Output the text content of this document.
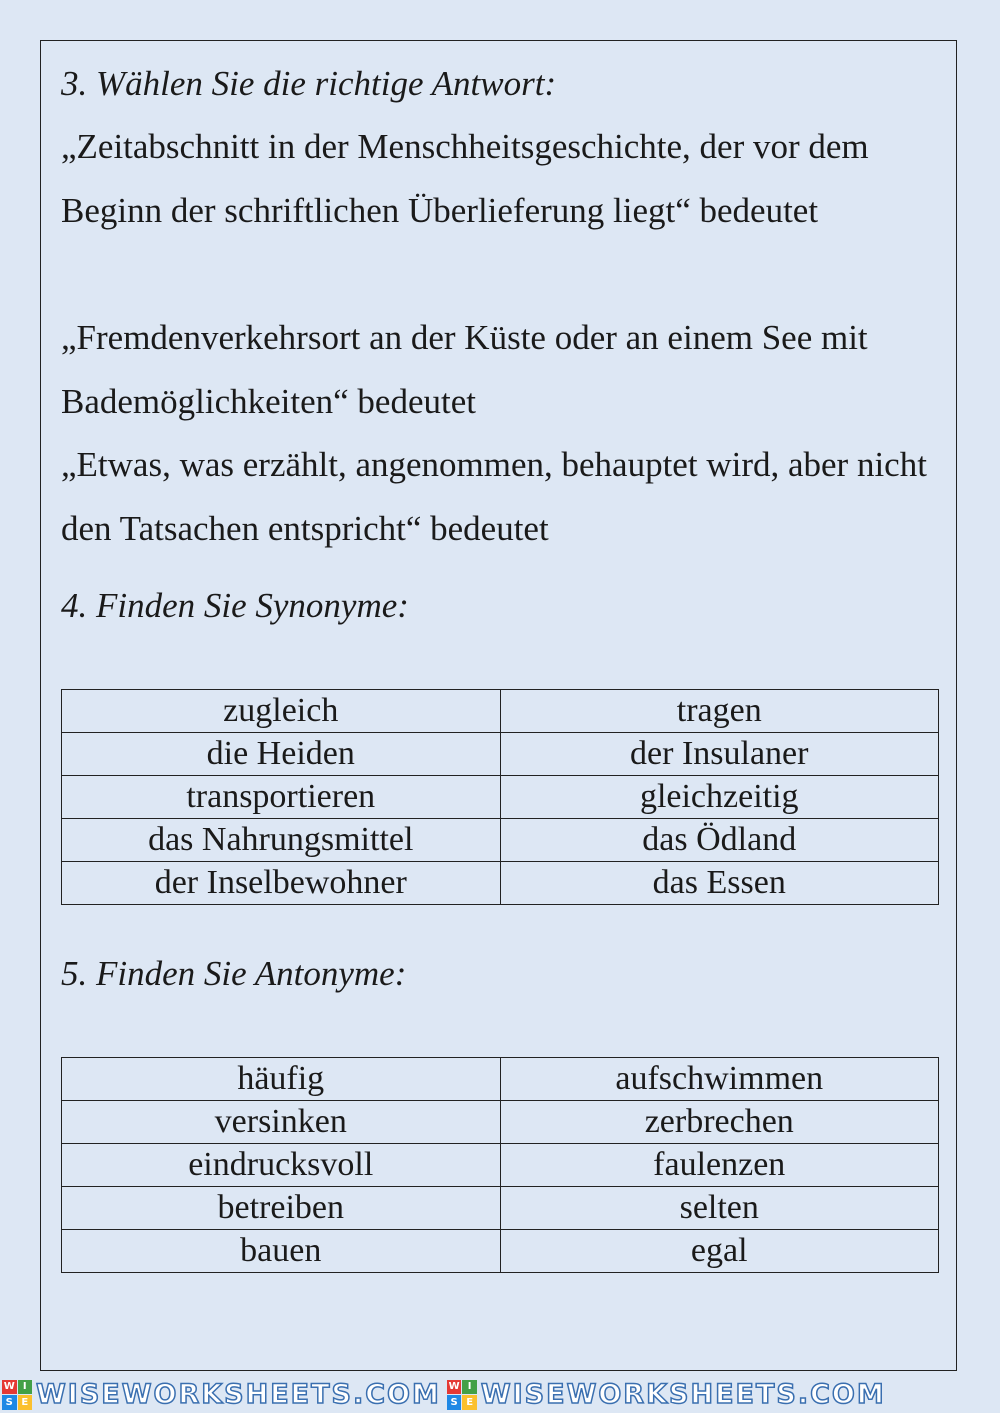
3. Wählen Sie die richtige Antwort:

„Zeitabschnitt in der Menschheitsgeschichte, der vor dem Beginn der schriftlichen Überlieferung liegt“ bedeutet

„Fremdenverkehrsort an der Küste oder an einem See mit Bademöglichkeiten“ bedeutet

„Etwas, was erzählt, angenommen, behauptet wird, aber nicht den Tatsachen entspricht“ bedeutet

4. Finden Sie Synonyme:

zugleich	tragen
die Heiden	der Insulaner
transportieren	gleichzeitig
das Nahrungsmittel	das Ödland
der Inselbewohner	das Essen

5. Finden Sie Antonyme:

häufig	aufschwimmen
versinken	zerbrechen
eindrucksvoll	faulenzen
betreiben	selten
bauen	egal
W I
S E WISEWORKSHEETS.COM W I
S E WISEWORKSHEETS.COM
